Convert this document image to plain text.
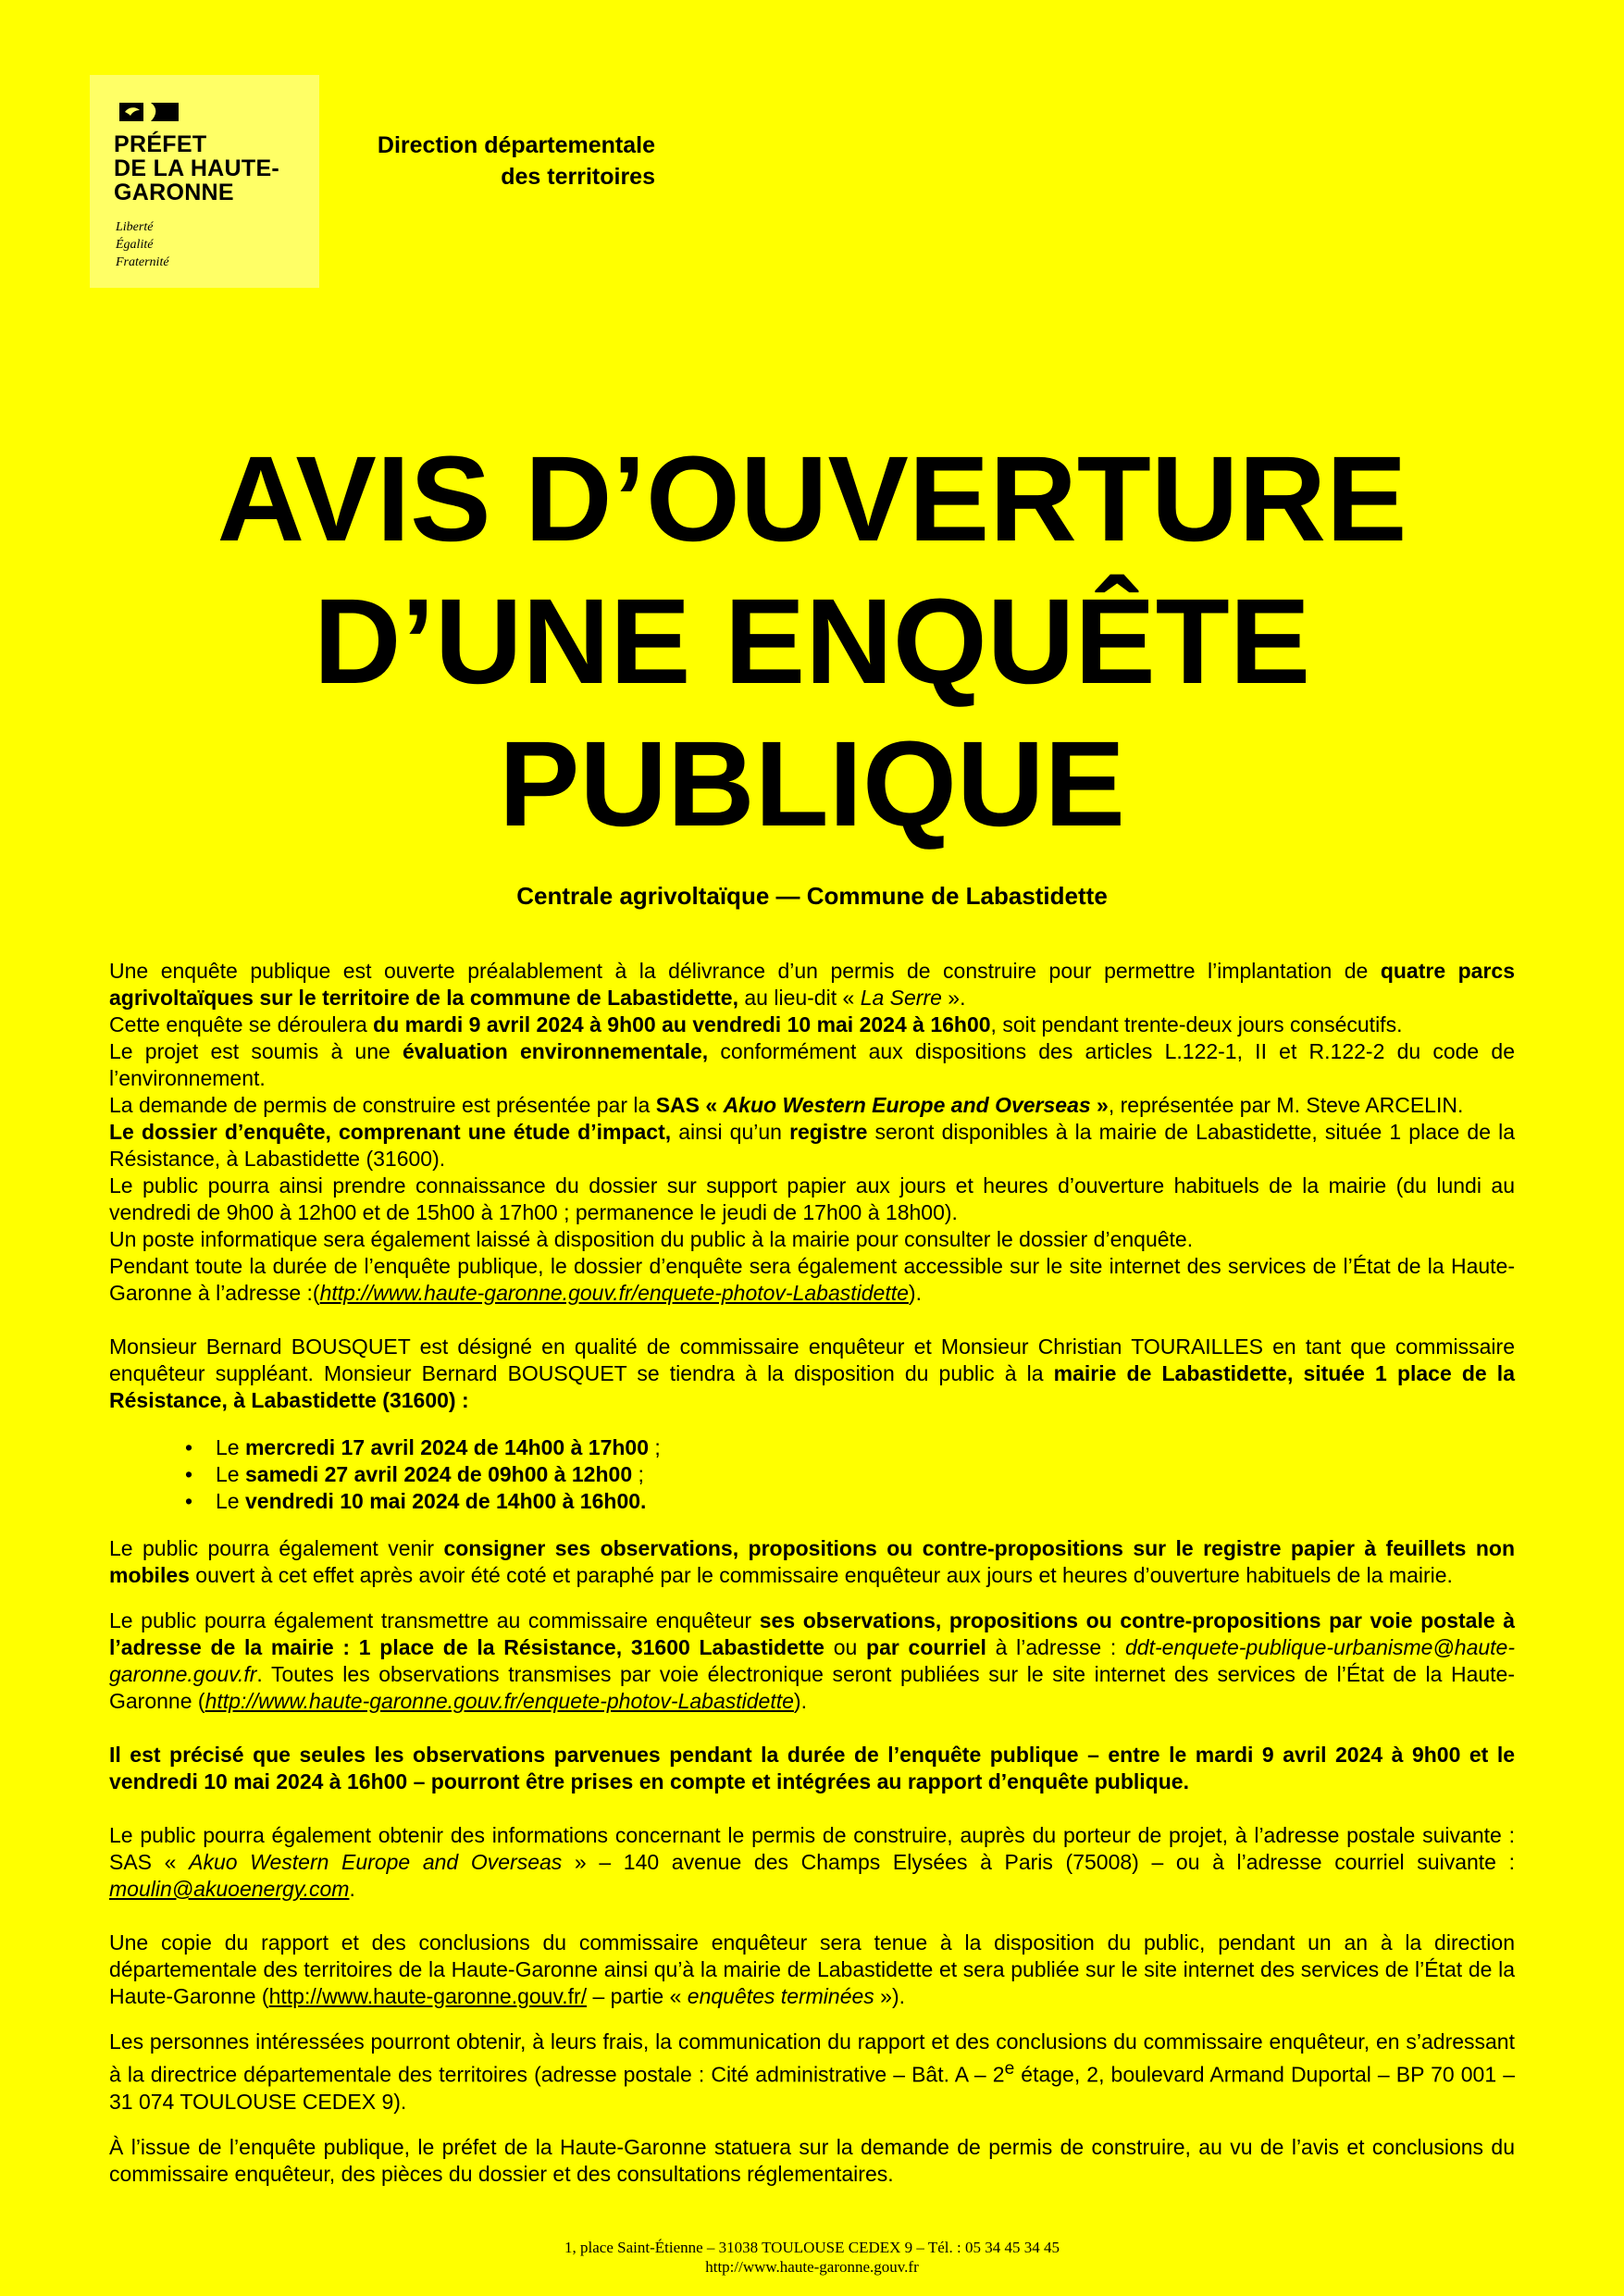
PRÉFET
DE LA HAUTE-
GARONNE

Liberté
Égalité
Fraternité

Direction départementale
des territoires
AVIS D’OUVERTURE
D’UNE ENQUÊTE
PUBLIQUE
Centrale agrivoltaïque — Commune de Labastidette

Une enquête publique est ouverte préalablement à la délivrance d’un permis de construire pour permettre l’implantation de quatre parcs agrivoltaïques sur le territoire de la commune de Labastidette, au lieu-dit « La Serre ».

Cette enquête se déroulera du mardi 9 avril 2024 à 9h00 au vendredi 10 mai 2024 à 16h00, soit pendant trente-deux jours consécutifs.

Le projet est soumis à une évaluation environnementale, conformément aux dispositions des articles L.122-1, II et R.122-2 du code de l’environnement.

La demande de permis de construire est présentée par la SAS « Akuo Western Europe and Overseas », représentée par M. Steve ARCELIN.

Le dossier d’enquête, comprenant une étude d’impact, ainsi qu’un registre seront disponibles à la mairie de Labastidette, située 1 place de la Résistance, à Labastidette (31600).

Le public pourra ainsi prendre connaissance du dossier sur support papier aux jours et heures d’ouverture habituels de la mairie (du lundi au vendredi de 9h00 à 12h00 et de 15h00 à 17h00 ; permanence le jeudi de 17h00 à 18h00).

Un poste informatique sera également laissé à disposition du public à la mairie pour consulter le dossier d’enquête.

Pendant toute la durée de l’enquête publique, le dossier d’enquête sera également accessible sur le site internet des services de l’État de la Haute-Garonne à l’adresse :(http://www.haute-garonne.gouv.fr/enquete-photov-Labastidette).

Monsieur Bernard BOUSQUET est désigné en qualité de commissaire enquêteur et Monsieur Christian TOURAILLES en tant que commissaire enquêteur suppléant. Monsieur Bernard BOUSQUET se tiendra à la disposition du public à la mairie de Labastidette, située 1 place de la Résistance, à Labastidette (31600) :

• Le mercredi 17 avril 2024 de 14h00 à 17h00 ;
• Le samedi 27 avril 2024 de 09h00 à 12h00 ;
• Le vendredi 10 mai 2024 de 14h00 à 16h00.

Le public pourra également venir consigner ses observations, propositions ou contre-propositions sur le registre papier à feuillets non mobiles ouvert à cet effet après avoir été coté et paraphé par le commissaire enquêteur aux jours et heures d’ouverture habituels de la mairie.

Le public pourra également transmettre au commissaire enquêteur ses observations, propositions ou contre-propositions par voie postale à l’adresse de la mairie : 1 place de la Résistance, 31600 Labastidette ou par courriel à l’adresse : ddt-enquete-publique-urbanisme@haute-garonne.gouv.fr. Toutes les observations transmises par voie électronique seront publiées sur le site internet des services de l’État de la Haute-Garonne (http://www.haute-garonne.gouv.fr/enquete-photov-Labastidette).

Il est précisé que seules les observations parvenues pendant la durée de l’enquête publique – entre le mardi 9 avril 2024 à 9h00 et le vendredi 10 mai 2024 à 16h00 – pourront être prises en compte et intégrées au rapport d’enquête publique.

Le public pourra également obtenir des informations concernant le permis de construire, auprès du porteur de projet, à l’adresse postale suivante : SAS « Akuo Western Europe and Overseas » – 140 avenue des Champs Elysées à Paris (75008) – ou à l’adresse courriel suivante : moulin@akuoenergy.com.

Une copie du rapport et des conclusions du commissaire enquêteur sera tenue à la disposition du public, pendant un an à la direction départementale des territoires de la Haute-Garonne ainsi qu’à la mairie de Labastidette et sera publiée sur le site internet des services de l’État de la Haute-Garonne (http://www.haute-garonne.gouv.fr/ – partie « enquêtes terminées »).

Les personnes intéressées pourront obtenir, à leurs frais, la communication du rapport et des conclusions du commissaire enquêteur, en s’adressant à la directrice départementale des territoires (adresse postale : Cité administrative – Bât. A – 2e étage, 2, boulevard Armand Duportal – BP 70 001 – 31 074 TOULOUSE CEDEX 9).

À l’issue de l’enquête publique, le préfet de la Haute-Garonne statuera sur la demande de permis de construire, au vu de l’avis et conclusions du commissaire enquêteur, des pièces du dossier et des consultations réglementaires.

1, place Saint-Étienne – 31038 TOULOUSE CEDEX 9 – Tél. : 05 34 45 34 45
http://www.haute-garonne.gouv.fr
